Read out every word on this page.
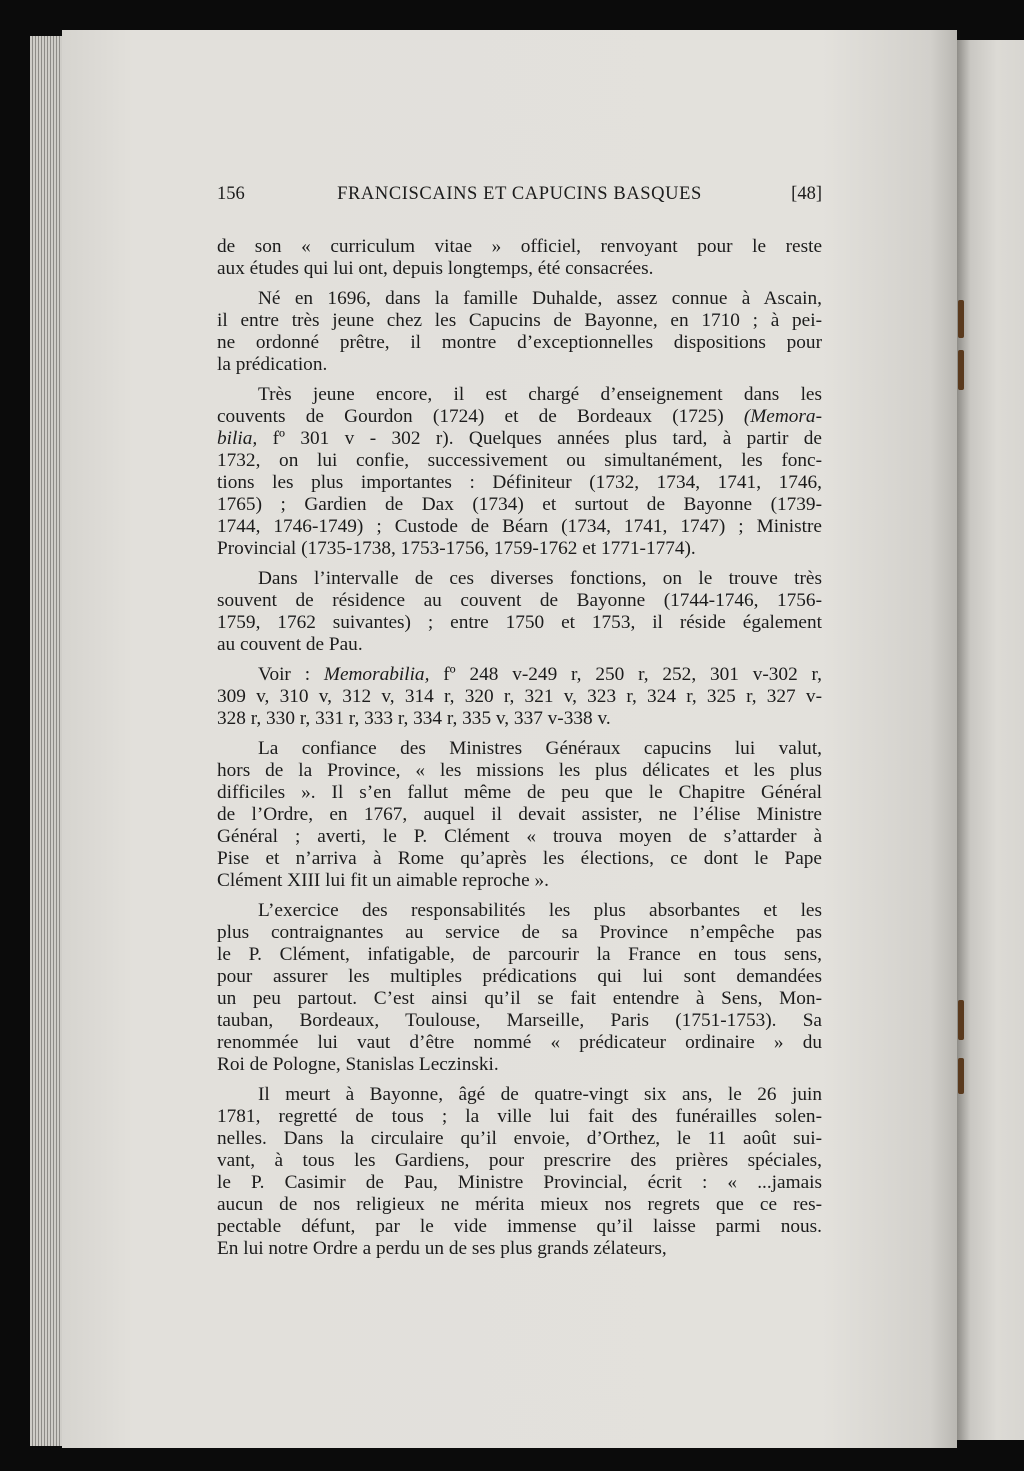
156	FRANCISCAINS ET CAPUCINS BASQUES	[48]
de son « curriculum vitae » officiel, renvoyant pour le reste
aux études qui lui ont, depuis longtemps, été consacrées.
Né en 1696, dans la famille Duhalde, assez connue à Ascain,
il entre très jeune chez les Capucins de Bayonne, en 1710 ; à pei-
ne ordonné prêtre, il montre d’exceptionnelles dispositions pour
la prédication.
Très jeune encore, il est chargé d’enseignement dans les
couvents de Gourdon (1724) et de Bordeaux (1725) (Memora-
bilia, fº 301 v - 302 r). Quelques années plus tard, à partir de
1732, on lui confie, successivement ou simultanément, les fonc-
tions les plus importantes : Définiteur (1732, 1734, 1741, 1746,
1765) ; Gardien de Dax (1734) et surtout de Bayonne (1739-
1744, 1746-1749) ; Custode de Béarn (1734, 1741, 1747) ; Ministre
Provincial (1735-1738, 1753-1756, 1759-1762 et 1771-1774).
Dans l’intervalle de ces diverses fonctions, on le trouve très
souvent de résidence au couvent de Bayonne (1744-1746, 1756-
1759, 1762 suivantes) ; entre 1750 et 1753, il réside également
au couvent de Pau.
Voir : Memorabilia, fº 248 v-249 r, 250 r, 252, 301 v-302 r,
309 v, 310 v, 312 v, 314 r, 320 r, 321 v, 323 r, 324 r, 325 r, 327 v-
328 r, 330 r, 331 r, 333 r, 334 r, 335 v, 337 v-338 v.
La confiance des Ministres Généraux capucins lui valut,
hors de la Province, « les missions les plus délicates et les plus
difficiles ». Il s’en fallut même de peu que le Chapitre Général
de l’Ordre, en 1767, auquel il devait assister, ne l’élise Ministre
Général ; averti, le P. Clément « trouva moyen de s’attarder à
Pise et n’arriva à Rome qu’après les élections, ce dont le Pape
Clément XIII lui fit un aimable reproche ».
L’exercice des responsabilités les plus absorbantes et les
plus contraignantes au service de sa Province n’empêche pas
le P. Clément, infatigable, de parcourir la France en tous sens,
pour assurer les multiples prédications qui lui sont demandées
un peu partout. C’est ainsi qu’il se fait entendre à Sens, Mon-
tauban, Bordeaux, Toulouse, Marseille, Paris (1751-1753). Sa
renommée lui vaut d’être nommé « prédicateur ordinaire » du
Roi de Pologne, Stanislas Leczinski.
Il meurt à Bayonne, âgé de quatre-vingt six ans, le 26 juin
1781, regretté de tous ; la ville lui fait des funérailles solen-
nelles. Dans la circulaire qu’il envoie, d’Orthez, le 11 août sui-
vant, à tous les Gardiens, pour prescrire des prières spéciales,
le P. Casimir de Pau, Ministre Provincial, écrit : « ...jamais
aucun de nos religieux ne mérita mieux nos regrets que ce res-
pectable défunt, par le vide immense qu’il laisse parmi nous.
En lui notre Ordre a perdu un de ses plus grands zélateurs,
